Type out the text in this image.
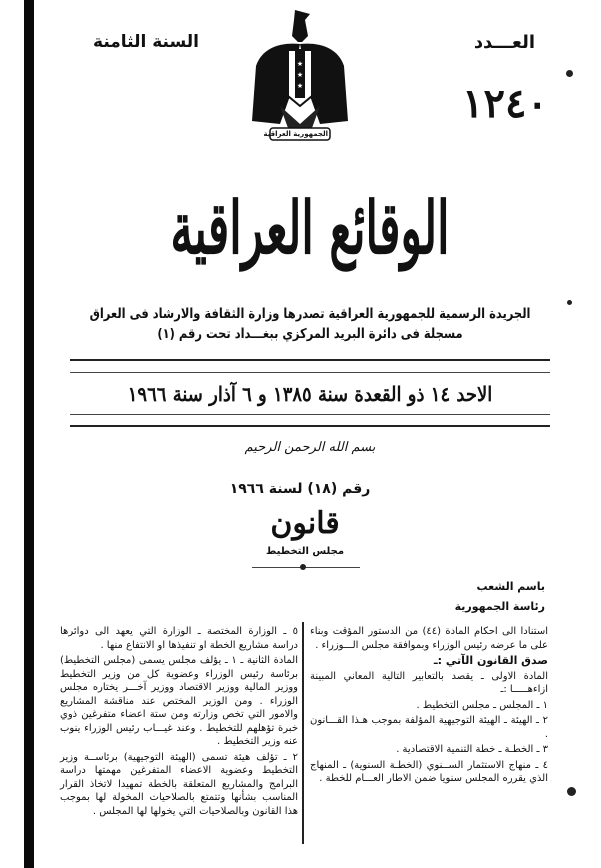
السنة الثامنة	العـــدد
١٢٤٠
★
★
★
الجمهورية العراقية
الوقائع العراقية
الجريدة الرسمية للجمهورية العراقية تصدرها وزارة الثقافة والارشاد فى العراق
مسجلة فى دائرة البريد المركزي ببغـــداد تحت رقم (١)
الاحد ١٤ ذو القعدة سنة ١٣٨٥ و ٦ آذار سنة ١٩٦٦
بسم الله الرحمن الرحيم
رقم (١٨) لسنة ١٩٦٦
قانون
مجلس التخطيط
باسم الشعب
رئاسة الجمهورية

استنادا الى احكام المادة (٤٤) من الدستور المؤقت وبناء على ما عرضه رئيس الوزراء وبموافقة مجلس الـــوزراء .

صدق القانون الآتي :ـ

المادة الاولى ـ يقصد بالتعابير التالية المعاني المبينة ازاءهـــــا :ـ

١ ـ المجلس ـ مجلس التخطيط .

٢ ـ الهيئة ـ الهيئة التوجيهية المؤلفة بموجب هـذا القـــانون .

٣ ـ الخطـة ـ خطة التنمية الاقتصادية .

٤ ـ منهاج الاستثمار الســنوي (الخطـة السنوية) ـ المنهاج الذي يقرره المجلس سنويا ضمن الاطار العـــام للخطة .

٥ ـ الوزارة المختصة ـ الوزارة التي يعهد الى دوائرها دراسة مشاريع الخطة او تنفيذها او الانتفاع منها .

المادة الثانية ـ ١ ـ يؤلف مجلس يسمى (مجلس التخطيط) برئاسة رئيس الوزراء وعضوية كل من وزير التخطيط ووزير المالية ووزير الاقتصاد ووزير آخـــر يختاره مجلس الوزراء . ومن الوزير المختص عند مناقشة المشاريع والامور التي تخص وزارته ومن ستة اعضاء متفرغين ذوي خبرة تؤهلهم للتخطيط . وعند غيـــاب رئيس الوزراء ينوب عنه وزير التخطيط .

٢ ـ تؤلف هيئة تسمى (الهيئة التوجيهية) برئاســة وزير التخطيط وعضوية الاعضاء المتفرغين مهمتها دراسة البرامج والمشاريع المتعلقة بالخطة تمهيدا لاتخاذ القرار المناسب بشأنها وتتمتع بالصلاحيات المخولة لها بموجب هذا القانون وبالصلاحيات التي يخولها لها المجلس .
